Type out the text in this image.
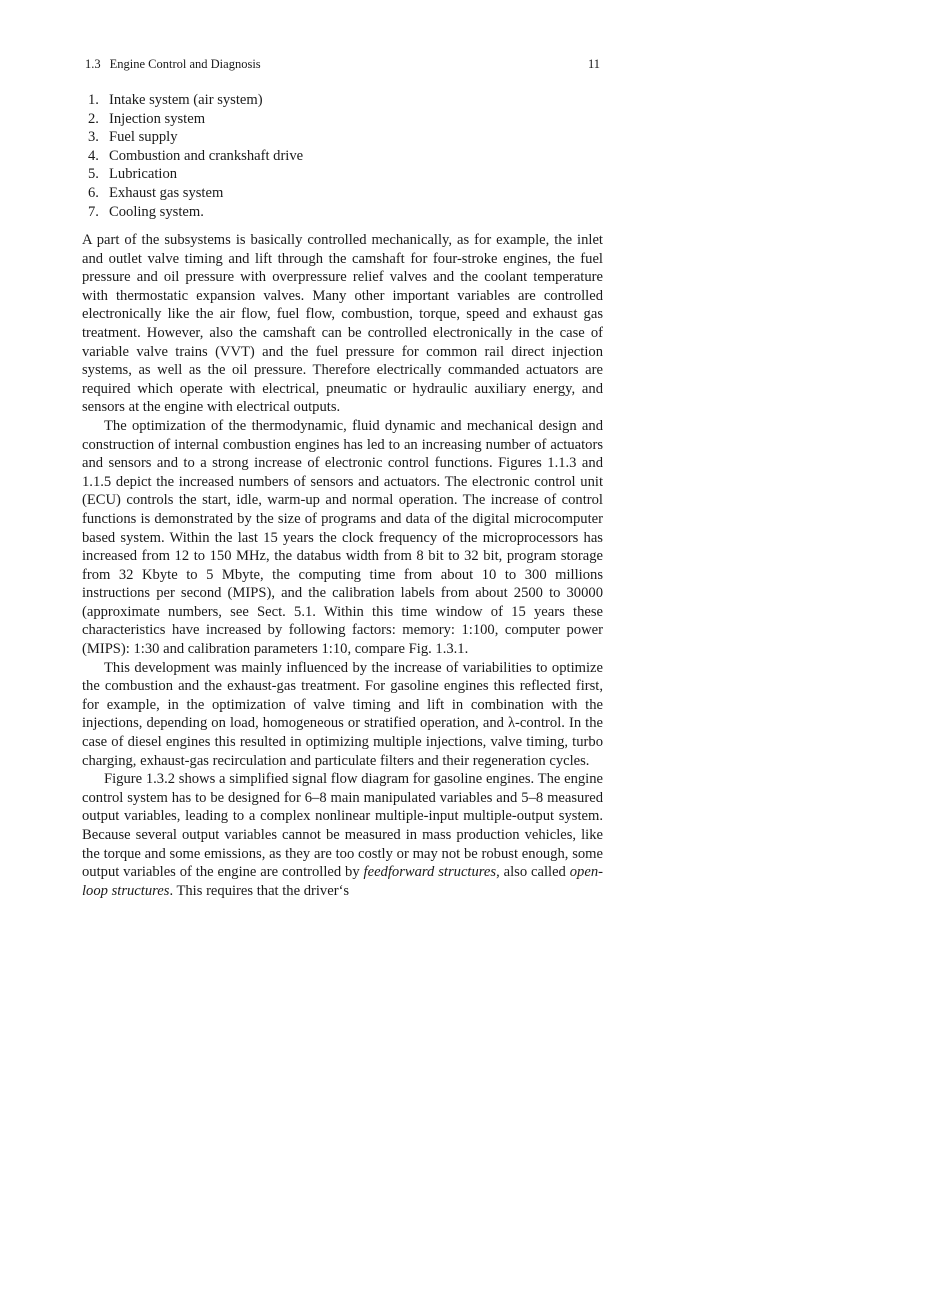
1.3 Engine Control and Diagnosis	11
1. Intake system (air system)
2. Injection system
3. Fuel supply
4. Combustion and crankshaft drive
5. Lubrication
6. Exhaust gas system
7. Cooling system.

A part of the subsystems is basically controlled mechanically, as for example, the inlet and outlet valve timing and lift through the camshaft for four-stroke engines, the fuel pressure and oil pressure with overpressure relief valves and the coolant temperature with thermostatic expansion valves. Many other important variables are controlled electronically like the air flow, fuel flow, combustion, torque, speed and exhaust gas treatment. However, also the camshaft can be controlled electronically in the case of variable valve trains (VVT) and the fuel pressure for common rail direct injection systems, as well as the oil pressure. Therefore electrically commanded actuators are required which operate with electrical, pneumatic or hydraulic auxiliary energy, and sensors at the engine with electrical outputs.

The optimization of the thermodynamic, fluid dynamic and mechanical design and construction of internal combustion engines has led to an increasing number of actuators and sensors and to a strong increase of electronic control functions. Figures 1.1.3 and 1.1.5 depict the increased numbers of sensors and actuators. The electronic control unit (ECU) controls the start, idle, warm-up and normal operation. The increase of control functions is demonstrated by the size of programs and data of the digital microcomputer based system. Within the last 15 years the clock frequency of the microprocessors has increased from 12 to 150 MHz, the databus width from 8 bit to 32 bit, program storage from 32 Kbyte to 5 Mbyte, the computing time from about 10 to 300 millions instructions per second (MIPS), and the calibration labels from about 2500 to 30000 (approximate numbers, see Sect. 5.1. Within this time window of 15 years these characteristics have increased by following factors: memory: 1:100, computer power (MIPS): 1:30 and calibration parameters 1:10, compare Fig. 1.3.1.

This development was mainly influenced by the increase of variabilities to optimize the combustion and the exhaust-gas treatment. For gasoline engines this reflected first, for example, in the optimization of valve timing and lift in combination with the injections, depending on load, homogeneous or stratified operation, and λ-control. In the case of diesel engines this resulted in optimizing multiple injections, valve timing, turbo charging, exhaust-gas recirculation and particulate filters and their regeneration cycles.

Figure 1.3.2 shows a simplified signal flow diagram for gasoline engines. The engine control system has to be designed for 6–8 main manipulated variables and 5–8 measured output variables, leading to a complex nonlinear multiple-input multiple-output system. Because several output variables cannot be measured in mass production vehicles, like the torque and some emissions, as they are too costly or may not be robust enough, some output variables of the engine are controlled by feedforward structures, also called open-loop structures. This requires that the driver‘s
